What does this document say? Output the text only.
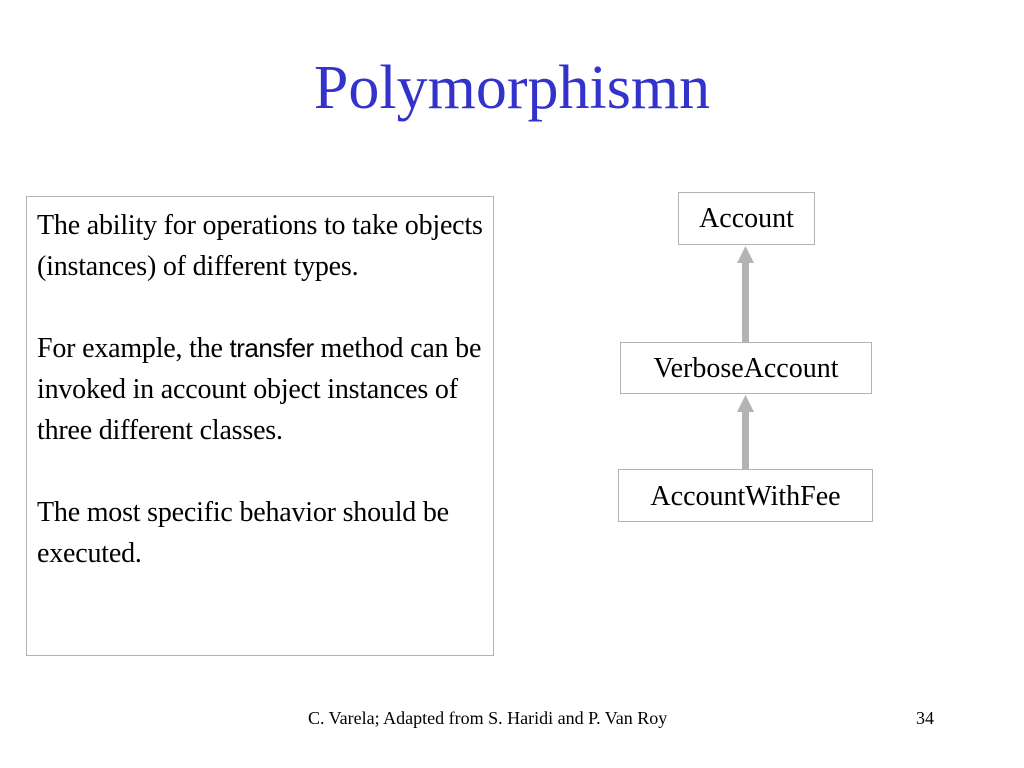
Polymorphismn

The ability for operations to take objects (instances) of different types.

For example, the transfer method can be invoked in account object instances of three different classes.

The most specific behavior should be executed.

Account
VerboseAccount
AccountWithFee
C. Varela; Adapted from S. Haridi and P. Van Roy	34
